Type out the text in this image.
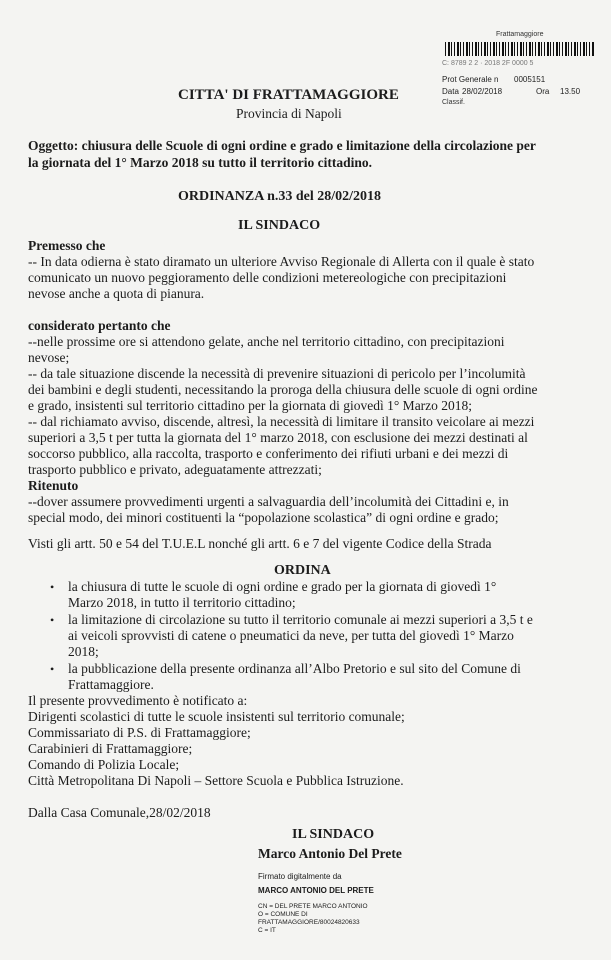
Frattamaggiore
C: 8789 2 2 · 2018 2F 0000 5
Prot Generale n 0005151
Data 28/02/2018	Ora 13.50
Classif.
CITTA' DI FRATTAMAGGIORE
Provincia di Napoli
Oggetto: chiusura delle Scuole di ogni ordine e grado e limitazione della circolazione per
la giornata del 1° Marzo 2018 su tutto il territorio cittadino.
ORDINANZA n.33 del 28/02/2018
IL SINDACO
Premesso che
-- In data odierna è stato diramato un ulteriore Avviso Regionale di Allerta con il quale è stato
comunicato un nuovo peggioramento delle condizioni metereologiche con precipitazioni
nevose anche a quota di pianura.
considerato pertanto che
--nelle prossime ore si attendono gelate, anche nel territorio cittadino, con precipitazioni
nevose;
-- da tale situazione discende la necessità di prevenire situazioni di pericolo per l’incolumità
dei bambini e degli studenti, necessitando la proroga della chiusura delle scuole di ogni ordine
e grado, insistenti sul territorio cittadino per la giornata di giovedì 1° Marzo 2018;
-- dal richiamato avviso, discende, altresì, la necessità di limitare il transito veicolare ai mezzi
superiori a 3,5 t per tutta la giornata del 1° marzo 2018, con esclusione dei mezzi destinati al
soccorso pubblico, alla raccolta, trasporto e conferimento dei rifiuti urbani e dei mezzi di
trasporto pubblico e privato, adeguatamente attrezzati;
Ritenuto
--dover assumere provvedimenti urgenti a salvaguardia dell’incolumità dei Cittadini e, in
special modo, dei minori costituenti la “popolazione scolastica” di ogni ordine e grado;
Visti gli artt. 50 e 54 del T.U.E.L nonché gli artt. 6 e 7 del vigente Codice della Strada
ORDINA
• la chiusura di tutte le scuole di ogni ordine e grado per la giornata di giovedì 1°
Marzo 2018, in tutto il territorio cittadino;
• la limitazione di circolazione su tutto il territorio comunale ai mezzi superiori a 3,5 t e
ai veicoli sprovvisti di catene o pneumatici da neve, per tutta del giovedì 1° Marzo
2018;
• la pubblicazione della presente ordinanza all’Albo Pretorio e sul sito del Comune di
Frattamaggiore.
Il presente provvedimento è notificato a:
Dirigenti scolastici di tutte le scuole insistenti sul territorio comunale;
Commissariato di P.S. di Frattamaggiore;
Carabinieri di Frattamaggiore;
Comando di Polizia Locale;
Città Metropolitana Di Napoli – Settore Scuola e Pubblica Istruzione.
Dalla Casa Comunale,28/02/2018
IL SINDACO
Marco Antonio Del Prete
Firmato digitalmente da
MARCO ANTONIO DEL PRETE
CN = DEL PRETE MARCO ANTONIO
O = COMUNE DI
FRATTAMAGGIORE/80024820633
C = IT
